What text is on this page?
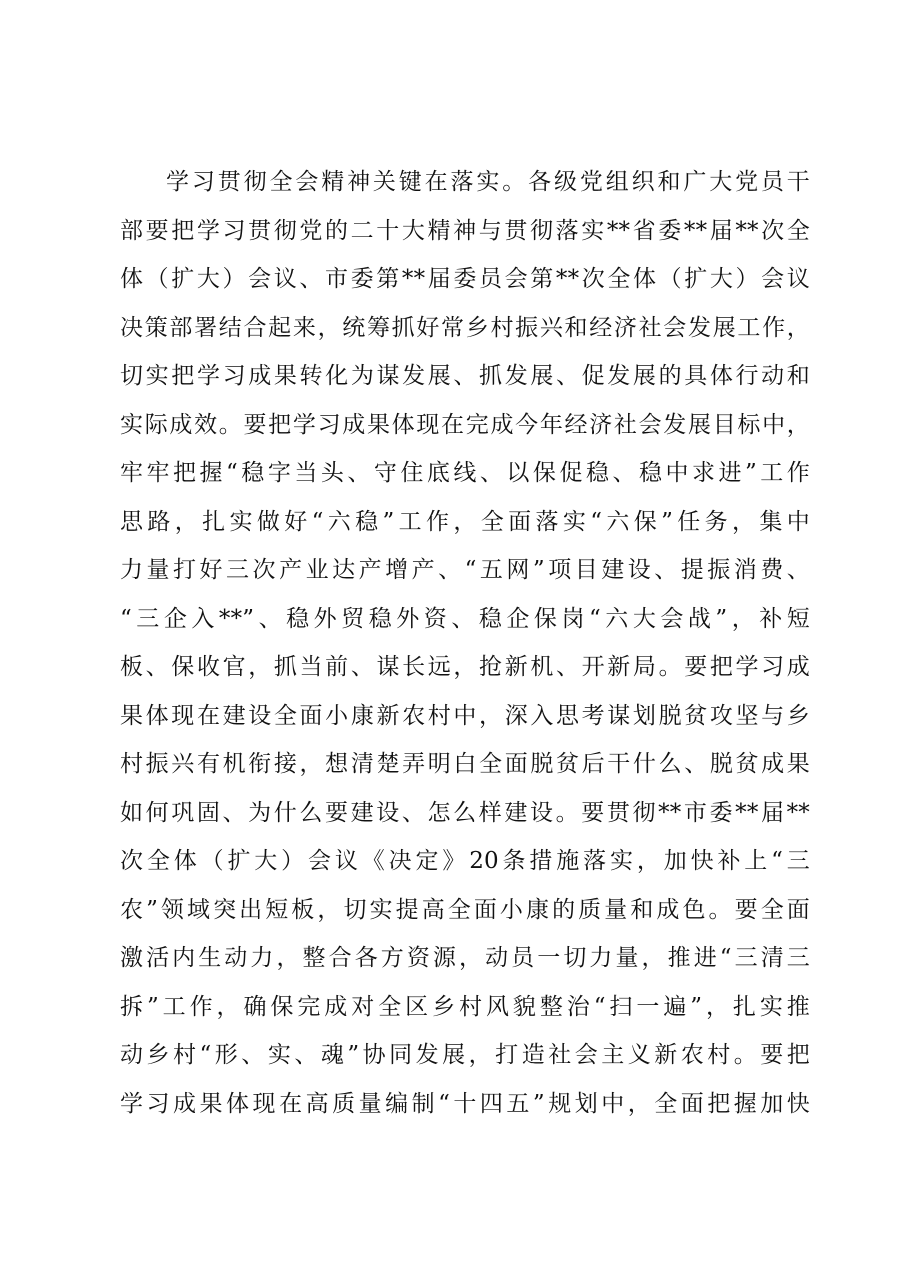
学习贯彻全会精神关键在落实。各级党组织和广大党员干
部要把学习贯彻党的二十大精神与贯彻落实**省委**届**次全
体（扩大）会议、市委第**届委员会第**次全体（扩大）会议
决策部署结合起来，统筹抓好常乡村振兴和经济社会发展工作，
切实把学习成果转化为谋发展、抓发展、促发展的具体行动和
实际成效。要把学习成果体现在完成今年经济社会发展目标中，
牢牢把握“稳字当头、守住底线、以保促稳、稳中求进”工作
思路，扎实做好“六稳”工作，全面落实“六保”任务，集中
力量打好三次产业达产增产、“五网”项目建设、提振消费、
“三企入**”、稳外贸稳外资、稳企保岗“六大会战”，补短
板、保收官，抓当前、谋长远，抢新机、开新局。要把学习成
果体现在建设全面小康新农村中，深入思考谋划脱贫攻坚与乡
村振兴有机衔接，想清楚弄明白全面脱贫后干什么、脱贫成果
如何巩固、为什么要建设、怎么样建设。要贯彻**市委**届**
次全体（扩大）会议《决定》20条措施落实，加快补上“三
农”领域突出短板，切实提高全面小康的质量和成色。要全面
激活内生动力，整合各方资源，动员一切力量，推进“三清三
拆”工作，确保完成对全区乡村风貌整治“扫一遍”，扎实推
动乡村“形、实、魂”协同发展，打造社会主义新农村。要把
学习成果体现在高质量编制“十四五”规划中，全面把握加快
